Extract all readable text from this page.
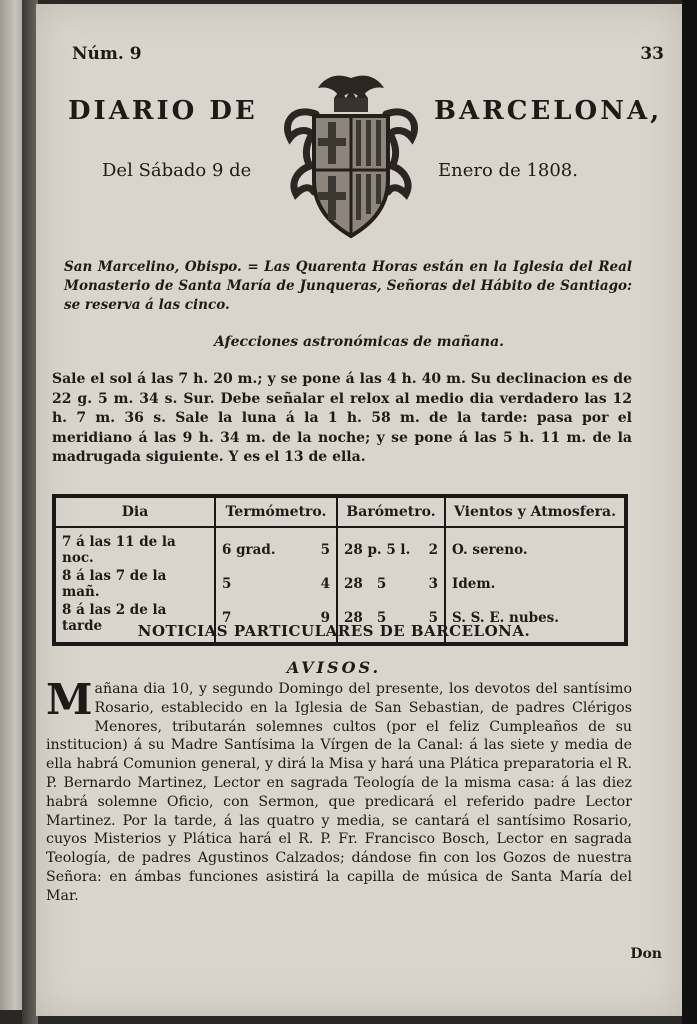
Núm. 9	33
DIARIO DE	BARCELONA,
Del Sábado 9 de	Enero de 1808.
San Marcelino, Obispo. = Las Quarenta Horas están en la Iglesia del Real Monasterio de Santa María de Junqueras, Señoras del Hábito de Santiago: se reserva á las cinco.
Afecciones astronómicas de mañana.
Sale el sol á las 7 h. 20 m.; y se pone á las 4 h. 40 m. Su declinacion es de 22 g. 5 m. 34 s. Sur. Debe señalar el relox al medio dia verdadero las 12 h. 7 m. 36 s. Sale la luna á la 1 h. 58 m. de la tarde: pasa por el meridiano á las 9 h. 34 m. de la noche; y se pone á las 5 h. 11 m. de la madrugada siguiente. Y es el 13 de ella.
Dia	Termómetro.	Barómetro.	Vientos y Atmosfera.
7 á las 11 de la noc.	6 grad. 5	28 p. 5 l. 2	O. sereno.
8 á las 7 de la mañ.	5 4	28 5 3	Idem.
8 á las 2 de la tarde	7 9	28 5 5	S. S. E. nubes.
NOTICIAS PARTICULARES DE BARCELONA.
AVISOS.
Mañana dia 10, y segundo Domingo del presente, los devotos del santísimo Rosario, establecido en la Iglesia de San Sebastian, de padres Clérigos Menores, tributarán solemnes cultos (por el feliz Cumpleaños de su institucion) á su Madre Santísima la Vírgen de la Canal: á las siete y media de ella habrá Comunion general, y dirá la Misa y hará una Plática preparatoria el R. P. Bernardo Martinez, Lector en sagrada Teología de la misma casa: á las diez habrá solemne Oficio, con Sermon, que predicará el referido padre Lector Martinez. Por la tarde, á las quatro y media, se cantará el santísimo Rosario, cuyos Misterios y Plática hará el R. P. Fr. Francisco Bosch, Lector en sagrada Teología, de padres Agustinos Calzados; dándose fin con los Gozos de nuestra Señora: en ámbas funciones asistirá la capilla de música de Santa María del Mar.
Don
